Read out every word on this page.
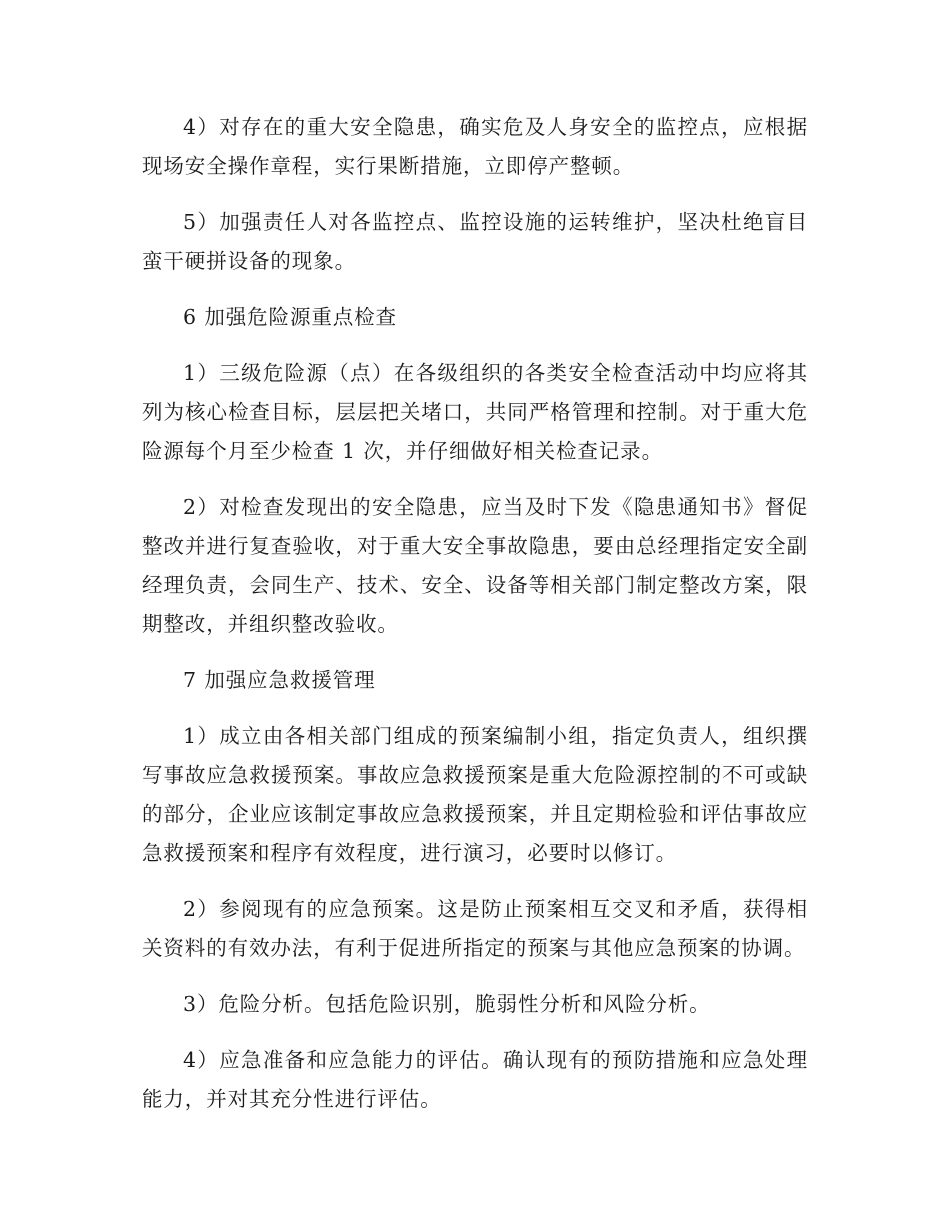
4）对存在的重大安全隐患，确实危及人身安全的监控点，应根据现场安全操作章程，实行果断措施，立即停产整顿。

5）加强责任人对各监控点、监控设施的运转维护，坚决杜绝盲目蛮干硬拼设备的现象。

6 加强危险源重点检查

1）三级危险源（点）在各级组织的各类安全检查活动中均应将其列为核心检查目标，层层把关堵口，共同严格管理和控制。对于重大危险源每个月至少检查 1 次，并仔细做好相关检查记录。

2）对检查发现出的安全隐患，应当及时下发《隐患通知书》督促整改并进行复查验收，对于重大安全事故隐患，要由总经理指定安全副经理负责，会同生产、技术、安全、设备等相关部门制定整改方案，限期整改，并组织整改验收。

7 加强应急救援管理

1）成立由各相关部门组成的预案编制小组，指定负责人，组织撰写事故应急救援预案。事故应急救援预案是重大危险源控制的不可或缺的部分，企业应该制定事故应急救援预案，并且定期检验和评估事故应急救援预案和程序有效程度，进行演习，必要时以修订。

2）参阅现有的应急预案。这是防止预案相互交叉和矛盾，获得相关资料的有效办法，有利于促进所指定的预案与其他应急预案的协调。

3）危险分析。包括危险识别，脆弱性分析和风险分析。

4）应急准备和应急能力的评估。确认现有的预防措施和应急处理能力，并对其充分性进行评估。
